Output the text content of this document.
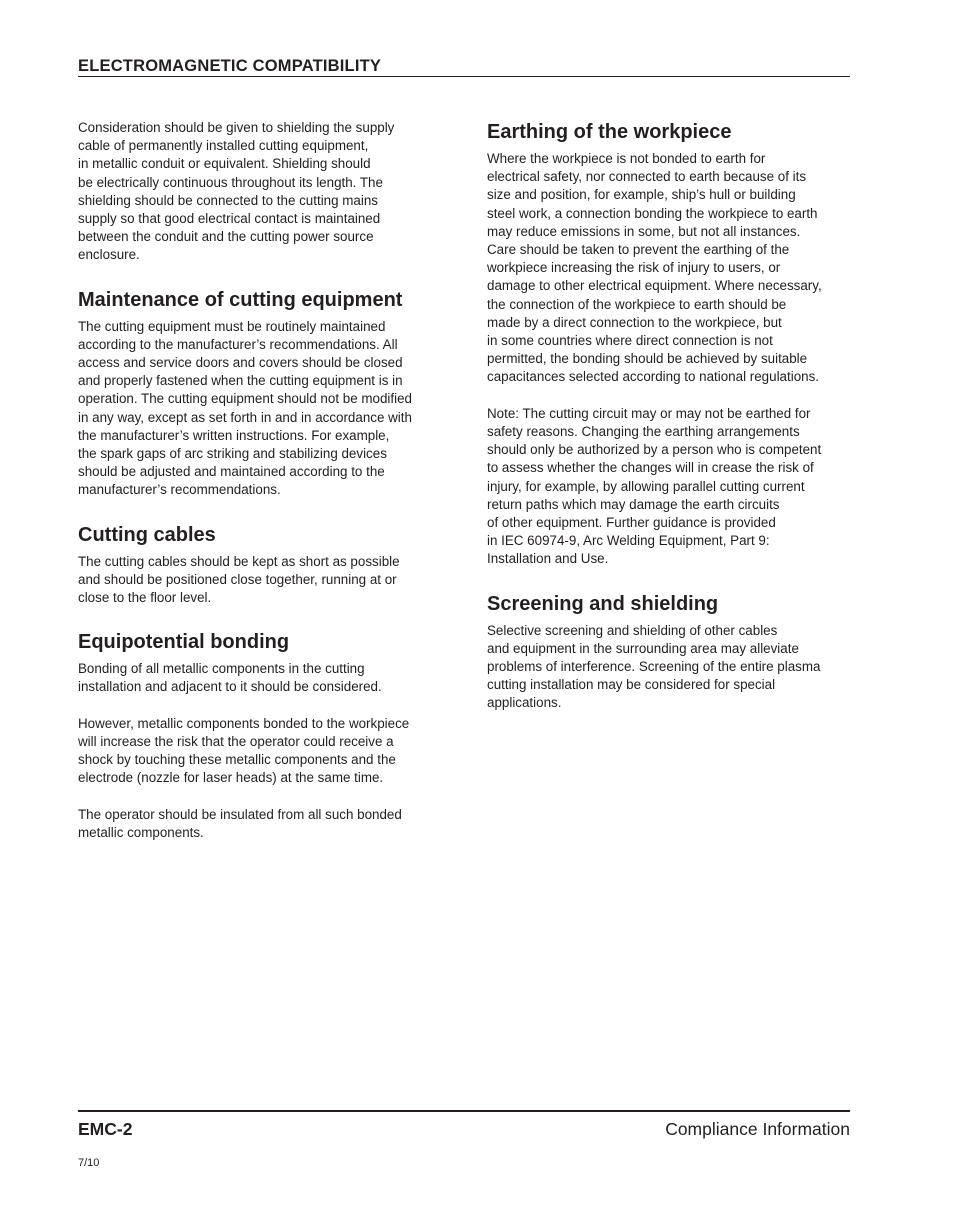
ELECTROMAGNETIC COMPATIBILITY

Consideration should be given to shielding the supply
cable of permanently installed cutting equipment,
in metallic conduit or equivalent. Shielding should
be electrically continuous throughout its length. The
shielding should be connected to the cutting mains
supply so that good electrical contact is maintained
between the conduit and the cutting power source
enclosure.

Maintenance of cutting equipment

The cutting equipment must be routinely maintained
according to the manufacturer’s recommendations. All
access and service doors and covers should be closed
and properly fastened when the cutting equipment is in
operation. The cutting equipment should not be modified
in any way, except as set forth in and in accordance with
the manufacturer’s written instructions. For example,
the spark gaps of arc striking and stabilizing devices
should be adjusted and maintained according to the
manufacturer’s recommendations.

Cutting cables

The cutting cables should be kept as short as possible
and should be positioned close together, running at or
close to the floor level.

Equipotential bonding

Bonding of all metallic components in the cutting
installation and adjacent to it should be considered.

However, metallic components bonded to the workpiece
will increase the risk that the operator could receive a
shock by touching these metallic components and the
electrode (nozzle for laser heads) at the same time.

The operator should be insulated from all such bonded
metallic components.

Earthing of the workpiece

Where the workpiece is not bonded to earth for
electrical safety, nor connected to earth because of its
size and position, for example, ship’s hull or building
steel work, a connection bonding the workpiece to earth
may reduce emissions in some, but not all instances.
Care should be taken to prevent the earthing of the
workpiece increasing the risk of injury to users, or
damage to other electrical equipment. Where necessary,
the connection of the workpiece to earth should be
made by a direct connection to the workpiece, but
in some countries where direct connection is not
permitted, the bonding should be achieved by suitable
capacitances selected according to national regulations.

Note: The cutting circuit may or may not be earthed for
safety reasons. Changing the earthing arrangements
should only be authorized by a person who is competent
to assess whether the changes will in crease the risk of
injury, for example, by allowing parallel cutting current
return paths which may damage the earth circuits
of other equipment. Further guidance is provided
in IEC 60974-9, Arc Welding Equipment, Part 9:
Installation and Use.

Screening and shielding

Selective screening and shielding of other cables
and equipment in the surrounding area may alleviate
problems of interference. Screening of the entire plasma
cutting installation may be considered for special
applications.

EMC-2	Compliance Information
7/10
